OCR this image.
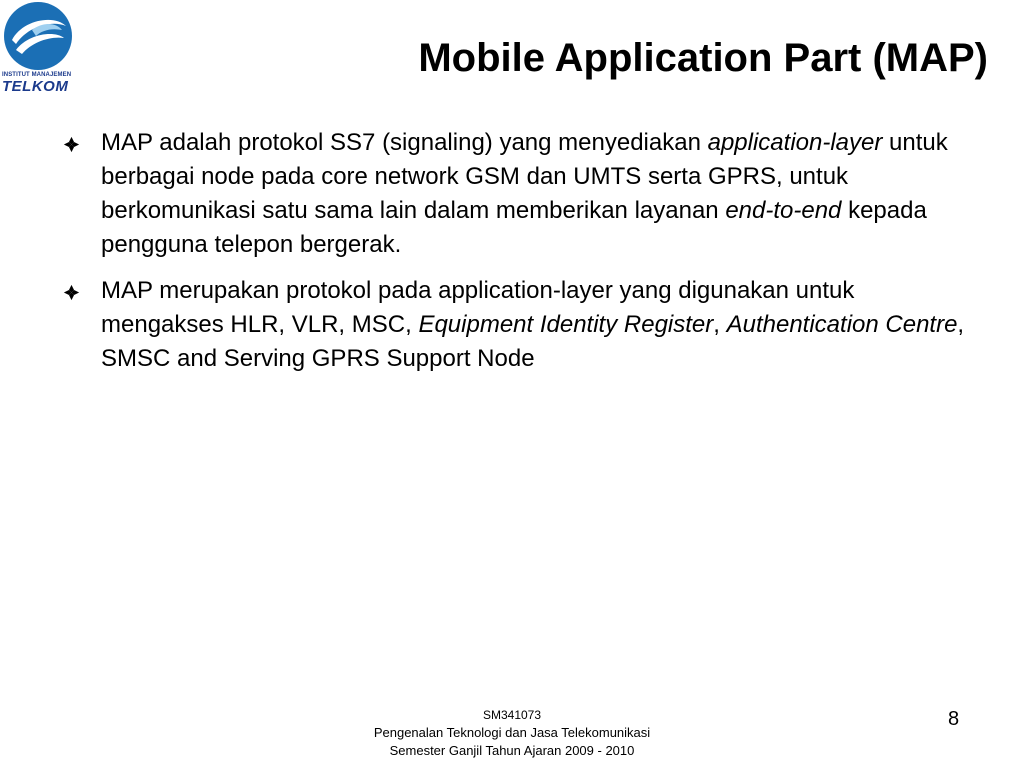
INSTITUT MANAJEMEN
TELKOM
Mobile Application Part (MAP)
MAP adalah protokol SS7 (signaling) yang menyediakan application-layer untuk berbagai node pada core network GSM dan UMTS serta GPRS, untuk berkomunikasi satu sama lain dalam memberikan layanan end-to-end kepada pengguna telepon bergerak.
MAP merupakan protokol pada application-layer yang digunakan untuk mengakses HLR, VLR, MSC, Equipment Identity Register, Authentication Centre, SMSC and Serving GPRS Support Node
SM341073
Pengenalan Teknologi dan Jasa Telekomunikasi
Semester Ganjil Tahun Ajaran 2009 - 2010
8
